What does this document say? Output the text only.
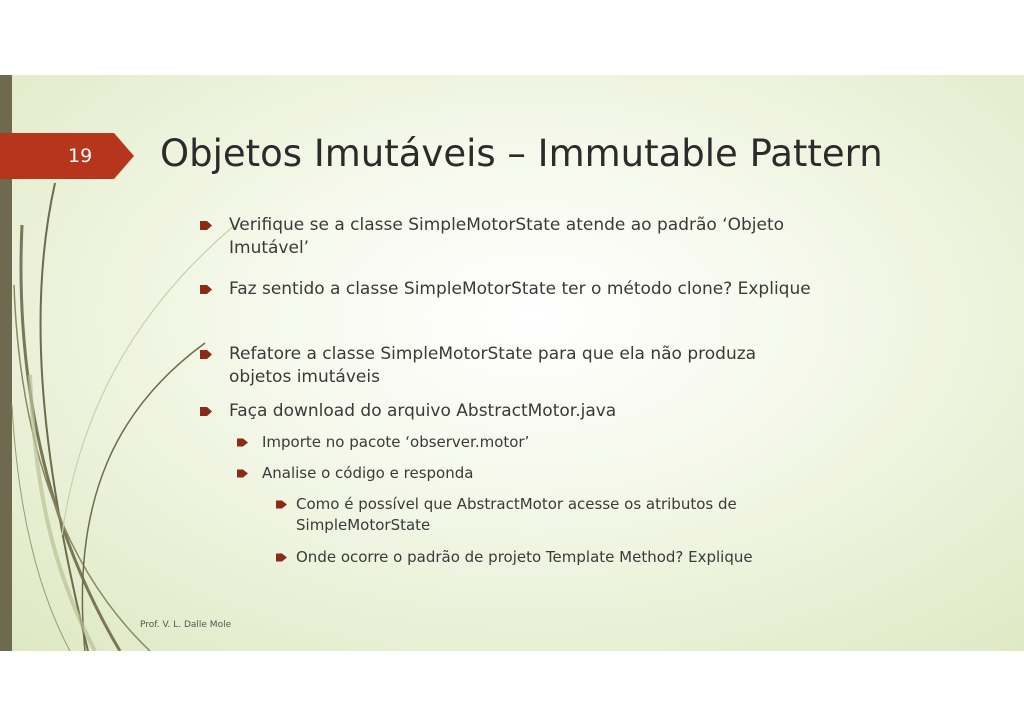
19	Objetos Imutáveis – Immutable Pattern
Verifique se a classe SimpleMotorState atende ao padrão ‘Objeto Imutável’
Faz sentido a classe SimpleMotorState ter o método clone? Explique
Refatore a classe SimpleMotorState para que ela não produza objetos imutáveis
Faça download do arquivo AbstractMotor.java
Importe no pacote ‘observer.motor’
Analise o código e responda
Como é possível que AbstractMotor acesse os atributos de SimpleMotorState
Onde ocorre o padrão de projeto Template Method? Explique
Prof. V. L. Dalle Mole
